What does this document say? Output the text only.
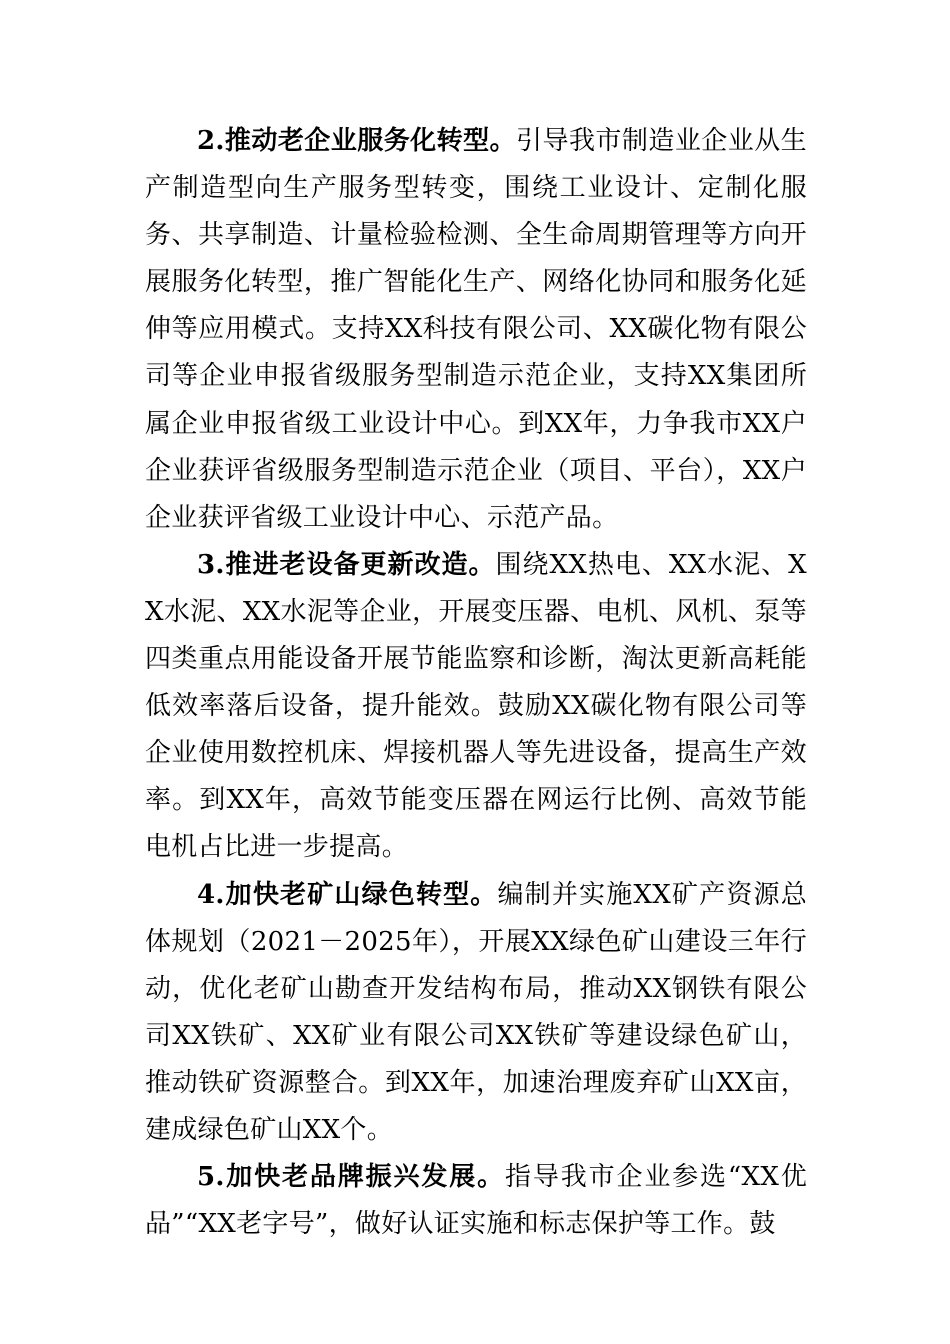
2.推动老企业服务化转型。引导我市制造业企业从生产制造型向生产服务型转变，围绕工业设计、定制化服务、共享制造、计量检验检测、全生命周期管理等方向开展服务化转型，推广智能化生产、网络化协同和服务化延伸等应用模式。支持XX科技有限公司、XX碳化物有限公司等企业申报省级服务型制造示范企业，支持XX集团所属企业申报省级工业设计中心。到XX年，力争我市XX户企业获评省级服务型制造示范企业（项目、平台），XX户企业获评省级工业设计中心、示范产品。

3.推进老设备更新改造。围绕XX热电、XX水泥、XX水泥、XX水泥等企业，开展变压器、电机、风机、泵等四类重点用能设备开展节能监察和诊断，淘汰更新高耗能低效率落后设备，提升能效。鼓励XX碳化物有限公司等企业使用数控机床、焊接机器人等先进设备，提高生产效率。到XX年，高效节能变压器在网运行比例、高效节能电机占比进一步提高。

4.加快老矿山绿色转型。编制并实施XX矿产资源总体规划（2021－2025年），开展XX绿色矿山建设三年行动，优化老矿山勘查开发结构布局，推动XX钢铁有限公司XX铁矿、XX矿业有限公司XX铁矿等建设绿色矿山，推动铁矿资源整合。到XX年，加速治理废弃矿山XX亩，建成绿色矿山XX个。

5.加快老品牌振兴发展。指导我市企业参选“XX优品”“XX老字号”，做好认证实施和标志保护等工作。鼓
